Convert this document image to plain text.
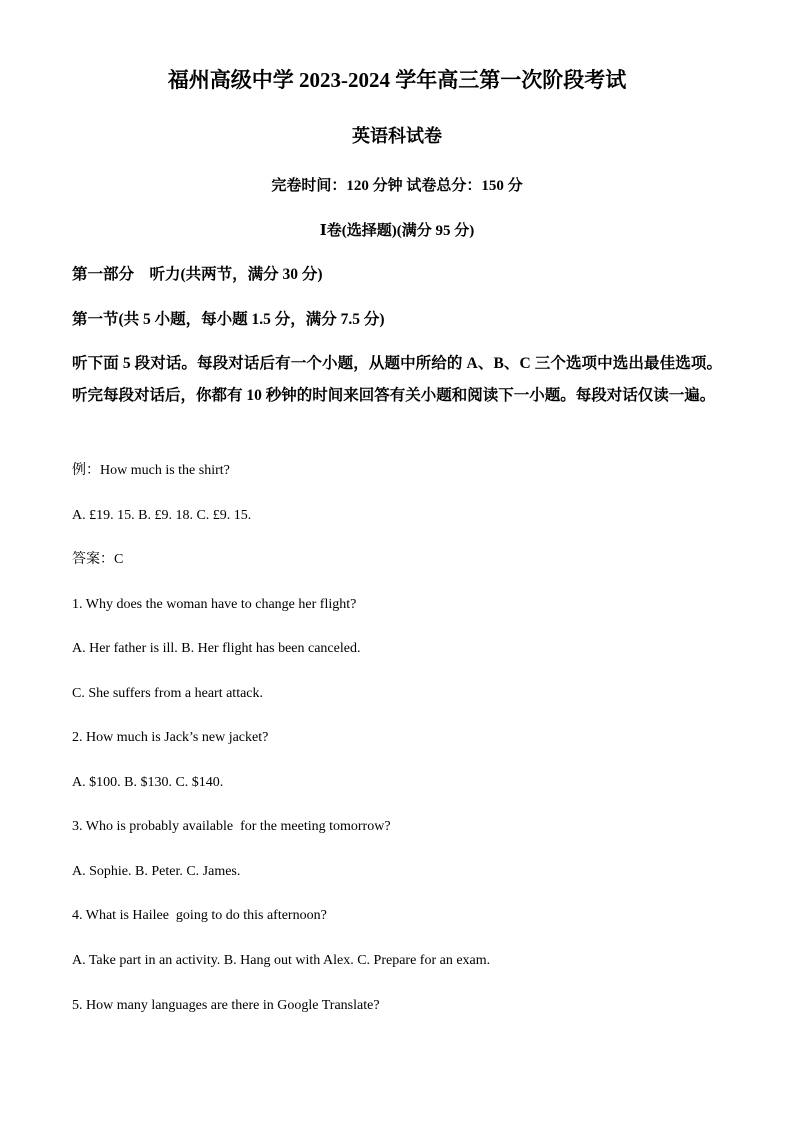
福州高级中学 2023-2024 学年高三第一次阶段考试
英语科试卷
完卷时间：120 分钟 试卷总分：150 分
Ⅰ卷(选择题)(满分 95 分)
第一部分    听力(共两节，满分 30 分)
第一节(共 5 小题，每小题 1.5 分，满分 7.5 分)
听下面 5 段对话。每段对话后有一个小题，从题中所给的 A、B、C 三个选项中选出最佳选项。听完每段对话后，你都有 10 秒钟的时间来回答有关小题和阅读下一小题。每段对话仅读一遍。
例：How much is the shirt?
A. £19. 15. B. £9. 18. C. £9. 15.
答案：C
1. Why does the woman have to change her flight?
A. Her father is ill. B. Her flight has been canceled.
C. She suffers from a heart attack.
2. How much is Jack’s new jacket?
A. $100. B. $130. C. $140.
3. Who is probably available  for the meeting tomorrow?
A. Sophie. B. Peter. C. James.
4. What is Hailee  going to do this afternoon?
A. Take part in an activity. B. Hang out with Alex. C. Prepare for an exam.
5. How many languages are there in Google Translate?
